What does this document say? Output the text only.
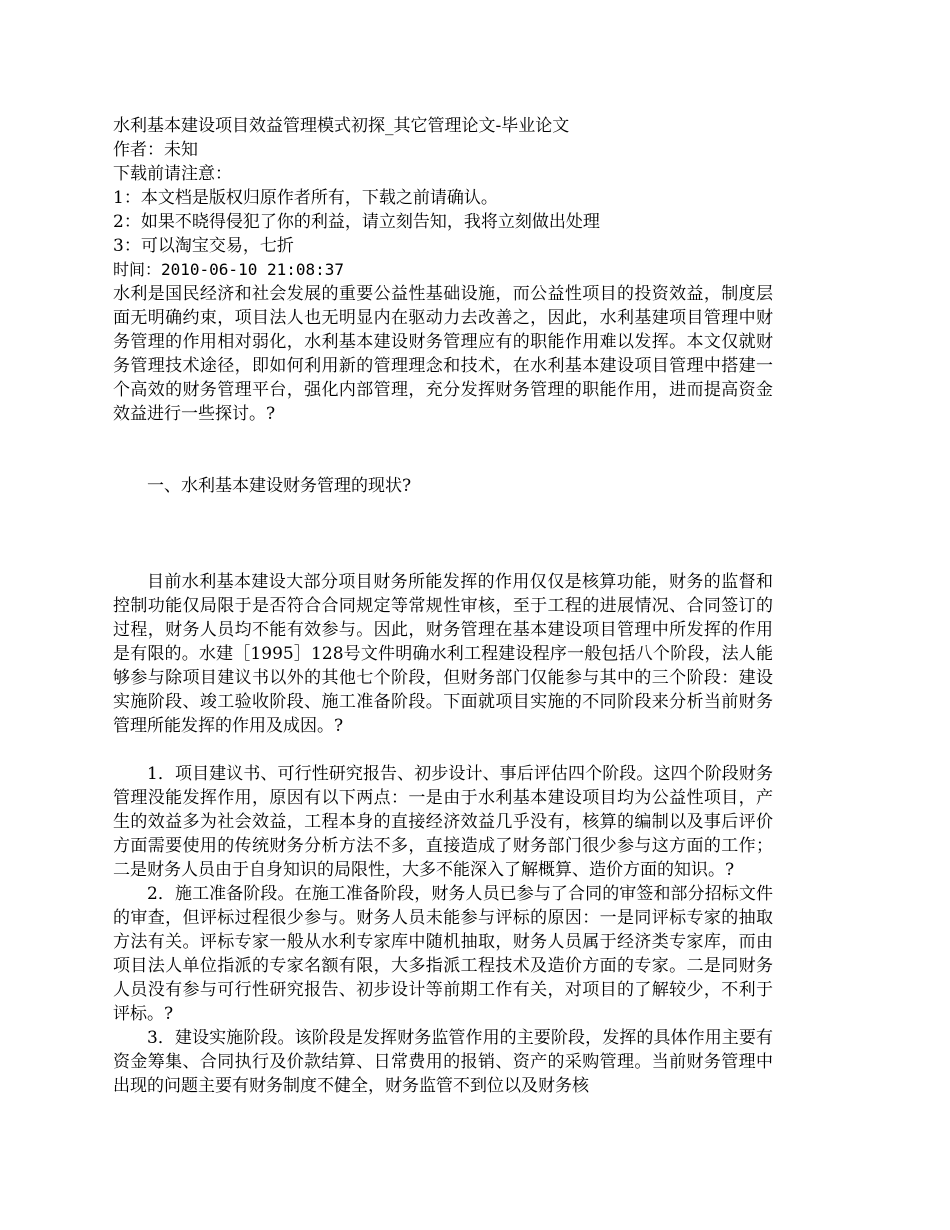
水利基本建设项目效益管理模式初探_其它管理论文-毕业论文
作者：未知
下载前请注意：
1：本文档是版权归原作者所有，下载之前请确认。
2：如果不晓得侵犯了你的利益，请立刻告知，我将立刻做出处理
3：可以淘宝交易，七折
时间：2010-06-10 21:08:37

水利是国民经济和社会发展的重要公益性基础设施，而公益性项目的投资效益，制度层面无明确约束，项目法人也无明显内在驱动力去改善之，因此，水利基建项目管理中财务管理的作用相对弱化，水利基本建设财务管理应有的职能作用难以发挥。本文仅就财务管理技术途径，即如何利用新的管理理念和技术，在水利基本建设项目管理中搭建一个高效的财务管理平台，强化内部管理，充分发挥财务管理的职能作用，进而提高资金效益进行一些探讨。?

一、水利基本建设财务管理的现状?

目前水利基本建设大部分项目财务所能发挥的作用仅仅是核算功能，财务的监督和控制功能仅局限于是否符合合同规定等常规性审核，至于工程的进展情况、合同签订的过程，财务人员均不能有效参与。因此，财务管理在基本建设项目管理中所发挥的作用是有限的。水建［1995］128号文件明确水利工程建设程序一般包括八个阶段，法人能够参与除项目建议书以外的其他七个阶段，但财务部门仅能参与其中的三个阶段：建设实施阶段、竣工验收阶段、施工准备阶段。下面就项目实施的不同阶段来分析当前财务管理所能发挥的作用及成因。?

1．项目建议书、可行性研究报告、初步设计、事后评估四个阶段。这四个阶段财务管理没能发挥作用，原因有以下两点：一是由于水利基本建设项目均为公益性项目，产生的效益多为社会效益，工程本身的直接经济效益几乎没有，核算的编制以及事后评价方面需要使用的传统财务分析方法不多，直接造成了财务部门很少参与这方面的工作；二是财务人员由于自身知识的局限性，大多不能深入了解概算、造价方面的知识。?

2．施工准备阶段。在施工准备阶段，财务人员已参与了合同的审签和部分招标文件的审查，但评标过程很少参与。财务人员未能参与评标的原因：一是同评标专家的抽取方法有关。评标专家一般从水利专家库中随机抽取，财务人员属于经济类专家库，而由项目法人单位指派的专家名额有限，大多指派工程技术及造价方面的专家。二是同财务人员没有参与可行性研究报告、初步设计等前期工作有关，对项目的了解较少，不利于评标。?

3．建设实施阶段。该阶段是发挥财务监管作用的主要阶段，发挥的具体作用主要有资金筹集、合同执行及价款结算、日常费用的报销、资产的采购管理。当前财务管理中出现的问题主要有财务制度不健全，财务监管不到位以及财务核
